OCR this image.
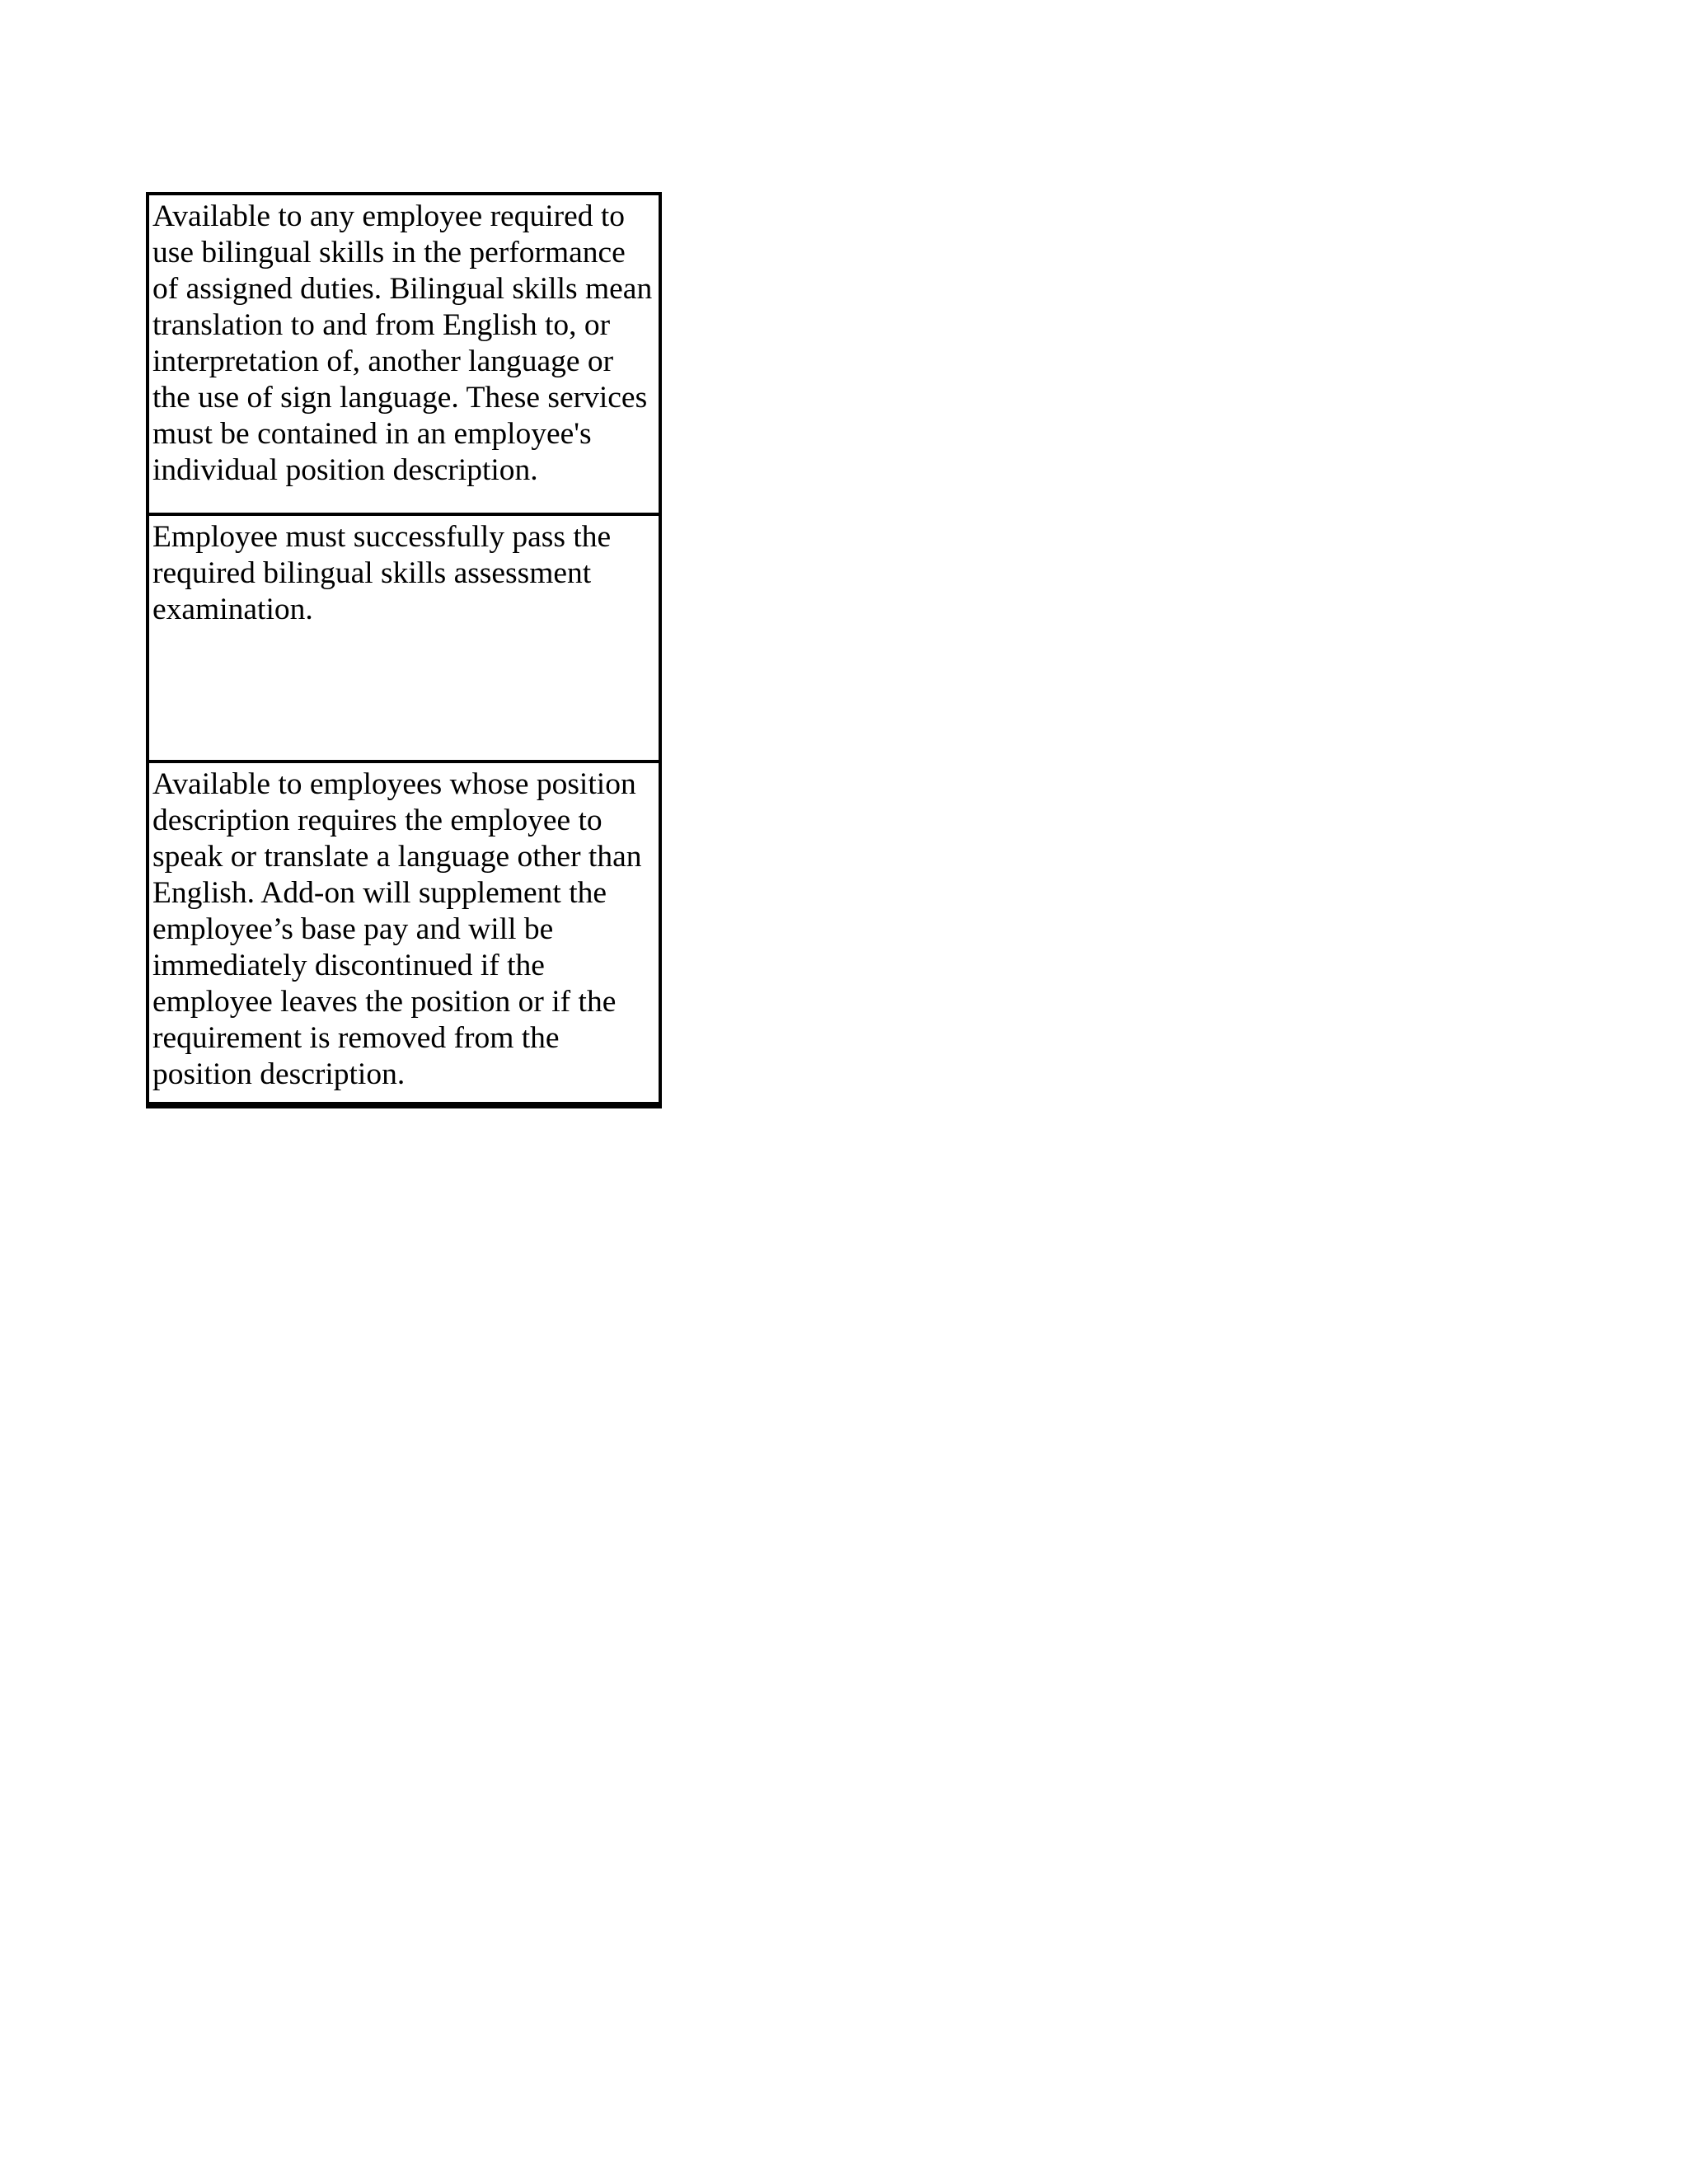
Available to any employee required to use bilingual skills in the performance of assigned duties. Bilingual skills mean translation to and from English to, or interpretation of, another language or the use of sign language. These services must be contained in an employee's individual position description.
Employee must successfully pass the required bilingual skills assessment examination.
Available to employees whose position description requires the employee to speak or translate a language other than English. Add-on will supplement the employee’s base pay and will be immediately discontinued if the employee leaves the position or if the requirement is removed from the position description.
